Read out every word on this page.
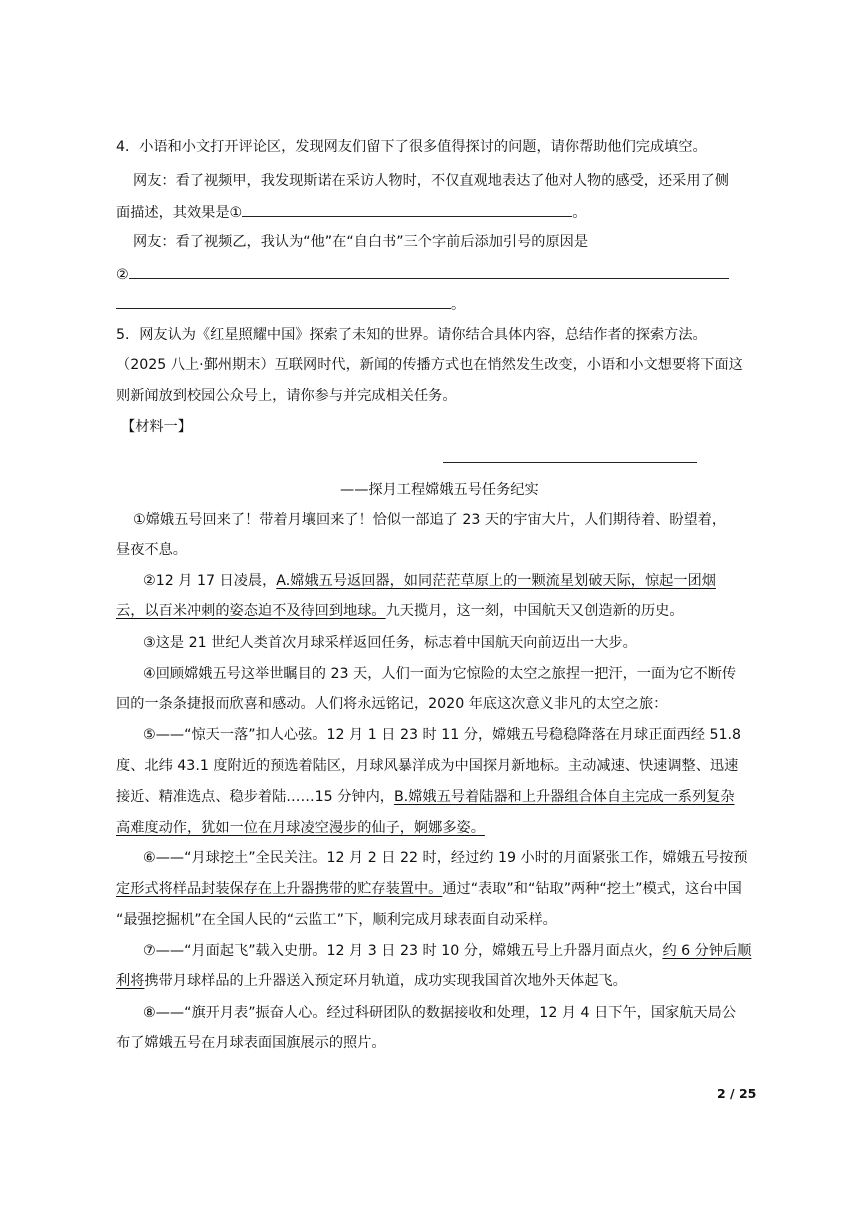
4．小语和小文打开评论区，发现网友们留下了很多值得探讨的问题，请你帮助他们完成填空。
网友：看了视频甲，我发现斯诺在采访人物时，不仅直观地表达了他对人物的感受，还采用了侧
面描述，其效果是①	。
网友：看了视频乙，我认为“他”在“自白书”三个字前后添加引号的原因是
②
。
5．网友认为《红星照耀中国》探索了未知的世界。请你结合具体内容，总结作者的探索方法。
（2025 八上·鄞州期末）互联网时代，新闻的传播方式也在悄然发生改变，小语和小文想要将下面这
则新闻放到校园公众号上，请你参与并完成相关任务。
【材料一】
——探月工程嫦娥五号任务纪实
①嫦娥五号回来了！带着月壤回来了！恰似一部追了 23 天的宇宙大片，人们期待着、盼望着，
昼夜不息。
②12 月 17 日凌晨，A.嫦娥五号返回器，如同茫茫草原上的一颗流星划破天际，惊起一团烟
云，以百米冲刺的姿态迫不及待回到地球。九天揽月，这一刻，中国航天又创造新的历史。
③这是 21 世纪人类首次月球采样返回任务，标志着中国航天向前迈出一大步。
④回顾嫦娥五号这举世瞩目的 23 天，人们一面为它惊险的太空之旅捏一把汗，一面为它不断传
回的一条条捷报而欣喜和感动。人们将永远铭记，2020 年底这次意义非凡的太空之旅：
⑤——“惊天一落”扣人心弦。12 月 1 日 23 时 11 分，嫦娥五号稳稳降落在月球正面西经 51.8
度、北纬 43.1 度附近的预选着陆区，月球风暴洋成为中国探月新地标。主动减速、快速调整、迅速
接近、精准选点、稳步着陆……15 分钟内，B.嫦娥五号着陆器和上升器组合体自主完成一系列复杂
高难度动作，犹如一位在月球凌空漫步的仙子，婀娜多姿。
⑥——“月球挖土”全民关注。12 月 2 日 22 时，经过约 19 小时的月面紧张工作，嫦娥五号按预
定形式将样品封装保存在上升器携带的贮存装置中。通过“表取”和“钻取”两种“挖土”模式，这台中国
“最强挖掘机”在全国人民的“云监工”下，顺利完成月球表面自动采样。
⑦——“月面起飞”载入史册。12 月 3 日 23 时 10 分，嫦娥五号上升器月面点火，约 6 分钟后顺
利将携带月球样品的上升器送入预定环月轨道，成功实现我国首次地外天体起飞。
⑧——“旗开月表”振奋人心。经过科研团队的数据接收和处理，12 月 4 日下午，国家航天局公
布了嫦娥五号在月球表面国旗展示的照片。
2 / 25
